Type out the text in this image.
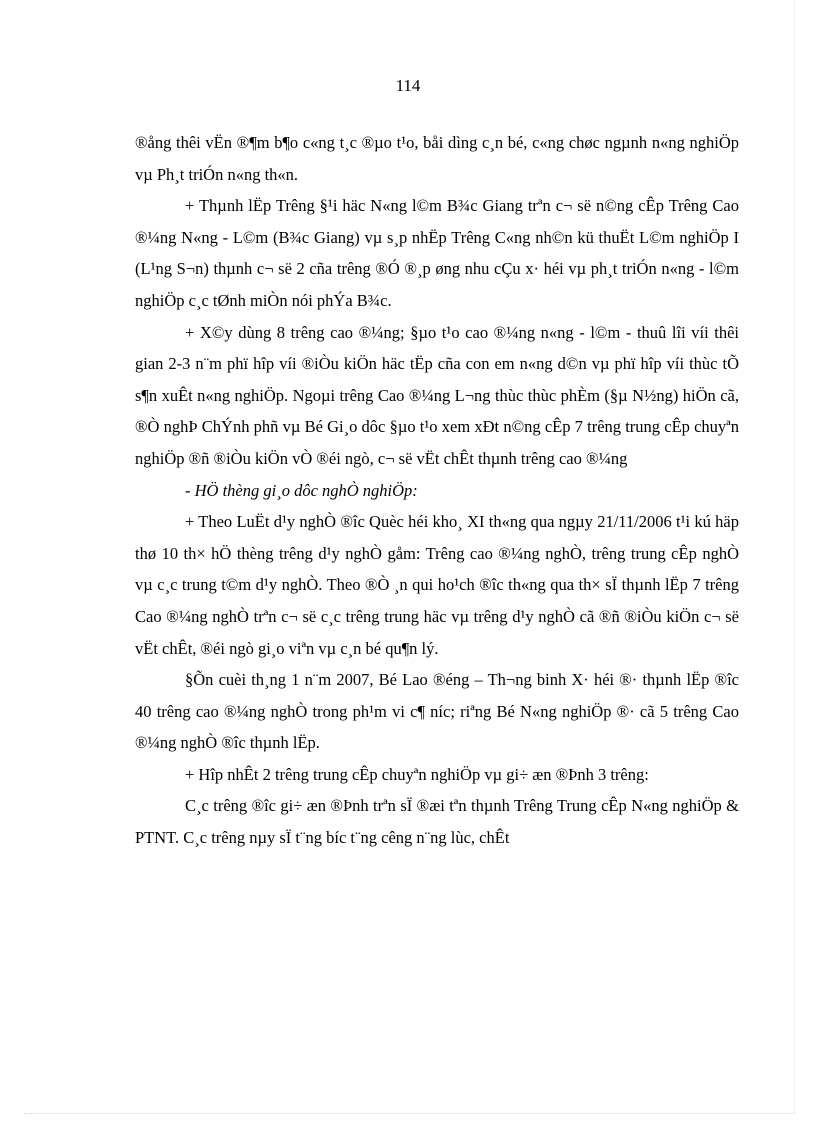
114

®ång thêi vËn ®¶m b¶o c«ng t¸c ®µo t¹o, båi dìng c¸n bé, c«ng chøc ngµnh n«ng nghiÖp vµ Ph¸t triÓn n«ng th«n.

+ Thµnh lËp Trêng §¹i häc N«ng l©m B¾c Giang trªn c¬ së n©ng cÊp Trêng Cao ®¼ng N«ng - L©m (B¾c Giang) vµ s¸p nhËp Trêng C«ng nh©n kü thuËt L©m nghiÖp I (L¹ng S¬n) thµnh c¬ së 2 cña trêng ®Ó ®¸p øng nhu cÇu x· héi vµ ph¸t triÓn n«ng - l©m nghiÖp c¸c tØnh miÒn nói phÝa B¾c.

+ X©y dùng 8 trêng cao ®¼ng; §µo t¹o cao ®¼ng n«ng - l©m - thuû lîi víi thêi gian 2-3 n¨m phï hîp víi ®iÒu kiÖn häc tËp cña con em n«ng d©n vµ phï hîp víi thùc tÕ s¶n xuÊt n«ng nghiÖp. Ngoµi trêng Cao ®¼ng L¬ng thùc thùc phÈm (§µ N½ng) hiÖn cã, ®Ò nghÞ ChÝnh phñ vµ Bé Gi¸o dôc §µo t¹o xem xÐt n©ng cÊp 7 trêng trung cÊp chuyªn nghiÖp ®ñ ®iÒu kiÖn vÒ ®éi ngò, c¬ së vËt chÊt thµnh trêng cao ®¼ng

- HÖ thèng gi¸o dôc nghÒ nghiÖp:

+ Theo LuËt d¹y nghÒ ®îc Quèc héi kho¸ XI th«ng qua ngµy 21/11/2006 t¹i kú häp thø 10 th× hÖ thèng trêng d¹y nghÒ gåm: Trêng cao ®¼ng nghÒ, trêng trung cÊp nghÒ vµ c¸c trung t©m d¹y nghÒ. Theo ®Ò ¸n qui ho¹ch ®îc th«ng qua th× sÏ thµnh lËp 7 trêng Cao ®¼ng nghÒ trªn c¬ së c¸c trêng trung häc vµ trêng d¹y nghÒ cã ®ñ ®iÒu kiÖn c¬ së vËt chÊt, ®éi ngò gi¸o viªn vµ c¸n bé qu¶n lý.

§Õn cuèi th¸ng 1 n¨m 2007, Bé Lao ®éng – Th¬ng binh X· héi ®· thµnh lËp ®îc 40 trêng cao ®¼ng nghÒ trong ph¹m vi c¶ níc; riªng Bé N«ng nghiÖp ®· cã 5 trêng Cao ®¼ng nghÒ ®îc thµnh lËp.

+ Hîp nhÊt 2 trêng trung cÊp chuyªn nghiÖp vµ gi÷ æn ®Þnh 3 trêng:

C¸c trêng ®îc gi÷ æn ®Þnh trªn sÏ ®æi tªn thµnh Trêng Trung cÊp N«ng nghiÖp & PTNT. C¸c trêng nµy sÏ t¨ng bíc t¨ng cêng n¨ng lùc, chÊt
